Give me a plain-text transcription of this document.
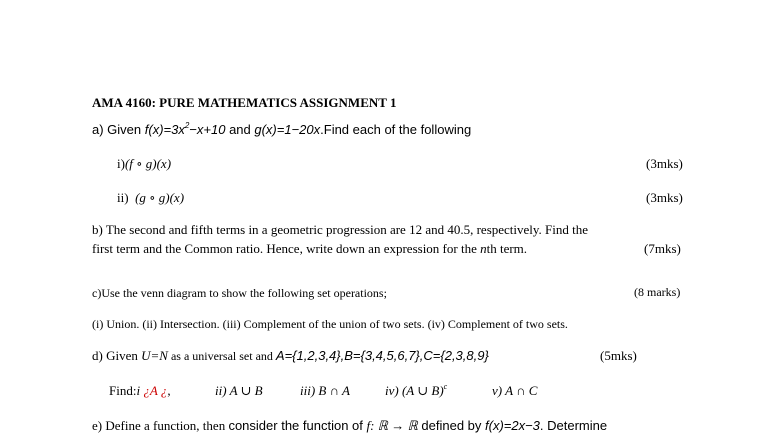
AMA 4160: PURE MATHEMATICS ASSIGNMENT 1
a) Given $f(x)=3x^2-x+10$ and g(x)=1−20x.Find each of the following
i)(f ∘ g)(x)	(3mks)
ii) (g ∘ g)(x)	(3mks)
b) The second and fifth terms in a geometric progression are 12 and 40.5, respectively. Find the
first term and the Common ratio. Hence, write down an expression for the nth term.	(7mks)
c)Use the venn diagram to show the following set operations;	(8 marks)
(i) Union. (ii) Intersection. (iii) Complement of the union of two sets. (iv) Complement of two sets.
d) Given U=N as a universal set and A={1,2,3,4},B={3,4,5,6,7},C={2,3,8,9}	(5mks)
Find:i ¿A ¿,	ii) A ∪ B	iii) B ∩ A	iv) (A ∪ B)$^c$	v) A ∩ C
e) Define a function, then consider the function of f: ℝ → ℝ defined by f(x)=2x−3. Determine
